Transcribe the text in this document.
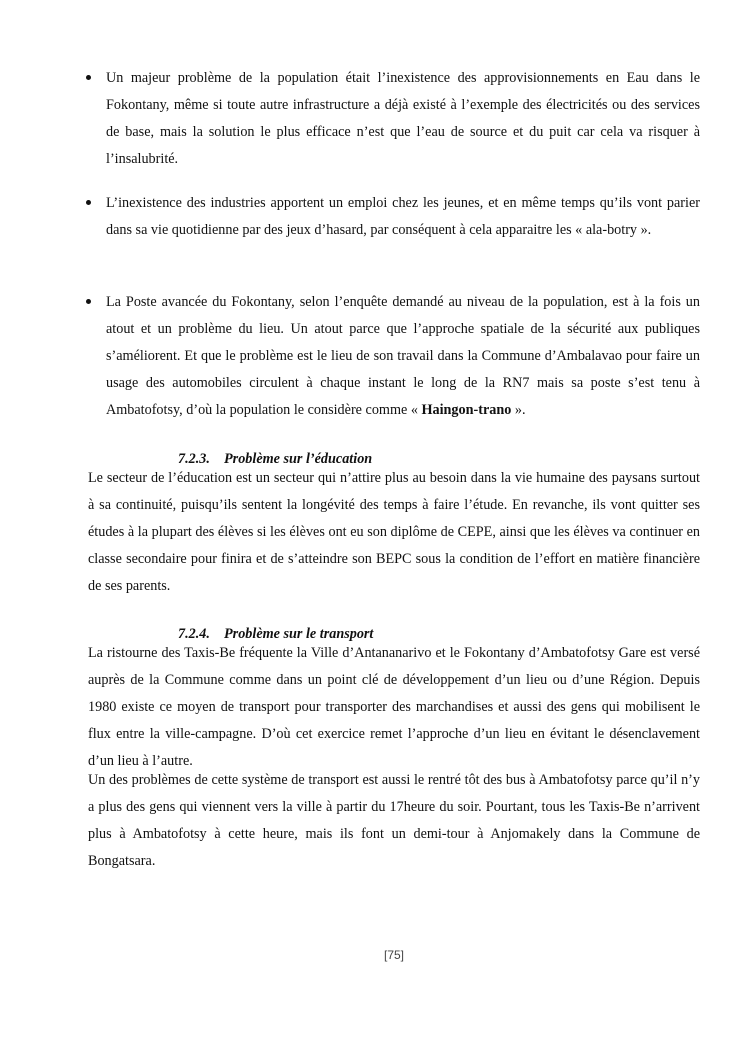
Un majeur problème de la population était l’inexistence des approvisionnements en Eau dans le Fokontany, même si toute autre infrastructure a déjà existé à l’exemple des électricités ou des services de base, mais la solution le plus efficace n’est que l’eau de source et du puit car cela va risquer à l’insalubrité.
L’inexistence des industries apportent un emploi chez les jeunes, et en même temps qu’ils vont parier dans sa vie quotidienne par des jeux d’hasard, par conséquent à cela apparaitre les « ala-botry ».
La Poste avancée du Fokontany, selon l’enquête demandé au niveau de la population, est à la fois un atout et un problème du lieu. Un atout parce que l’approche spatiale de la sécurité aux publiques s’améliorent. Et que le problème est le lieu de son travail dans la Commune d’Ambalavao pour faire un usage des automobiles circulent à chaque instant le long de la RN7 mais sa poste s’est tenu à Ambatofotsy, d’où la population le considère comme « Haingon-trano ».
7.2.3. Problème sur l’éducation
Le secteur de l’éducation est un secteur qui n’attire plus au besoin dans la vie humaine des paysans surtout à sa continuité, puisqu’ils sentent la longévité des temps à faire l’étude. En revanche, ils vont quitter ses études à la plupart des élèves si les élèves ont eu son diplôme de CEPE, ainsi que les élèves va continuer en classe secondaire pour finira et de s’atteindre son BEPC sous la condition de l’effort en matière financière de ses parents.
7.2.4. Problème sur le transport
La ristourne des Taxis-Be fréquente la Ville d’Antananarivo et le Fokontany d’Ambatofotsy Gare est versé auprès de la Commune comme dans un point clé de développement d’un lieu ou d’une Région. Depuis 1980 existe ce moyen de transport pour transporter des marchandises et aussi des gens qui mobilisent le flux entre la ville-campagne. D’où cet exercice remet l’approche d’un lieu en évitant le désenclavement d’un lieu à l’autre.
Un des problèmes de cette système de transport est aussi le rentré tôt des bus à Ambatofotsy parce qu’il n’y a plus des gens qui viennent vers la ville à partir du 17heure du soir. Pourtant, tous les Taxis-Be n’arrivent plus à Ambatofotsy à cette heure, mais ils font un demi-tour à Anjomakely dans la Commune de Bongatsara.
[75]
